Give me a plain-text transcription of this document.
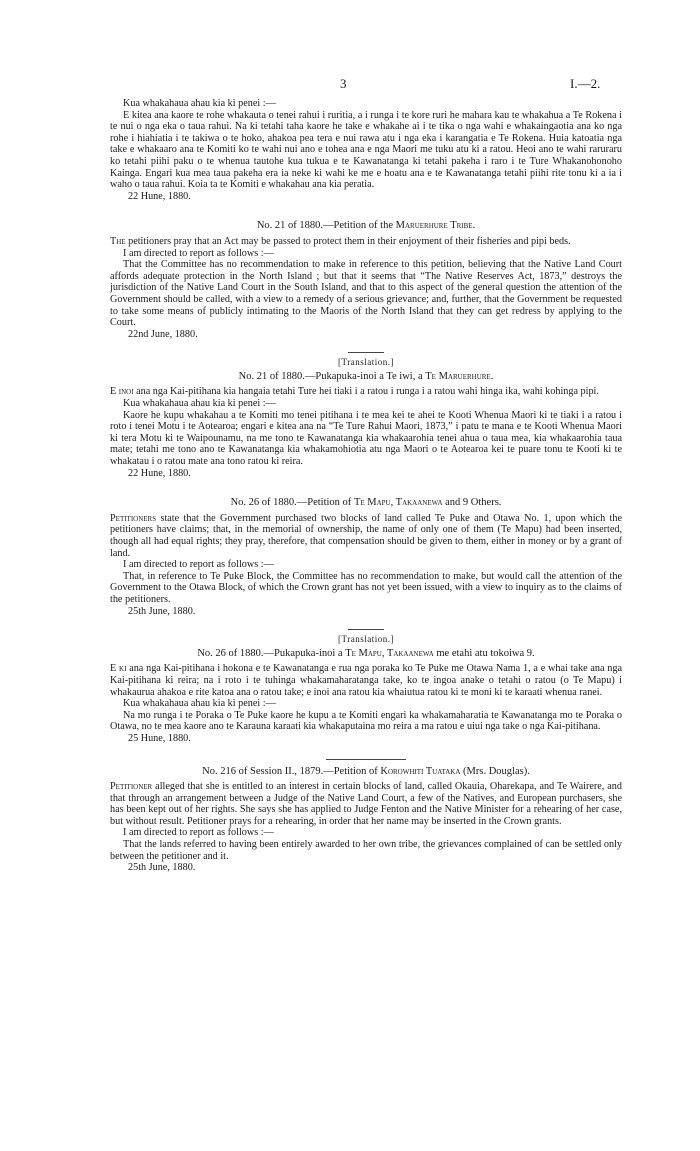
3	I.—2.

Kua whakahaua ahau kia ki penei :—

E kitea ana kaore te rohe whakauta o tenei rahui i ruritia, a i runga i te kore ruri he mahara kau te whakahua a Te Rokena i te nui o nga eka o taua rahui. Na ki tetahi taha kaore he take e whakahe ai i te tika o nga wahi e whakaingaotia ana ko nga rohe i hiahiatia i te takiwa o te hoko, ahakoa pea tera e nui rawa atu i nga eka i karangatia e Te Rokena. Huia katoatia nga take e whakaaro ana te Komiti ko te wahi nui ano e tohea ana e nga Maori me tuku atu ki a ratou. Heoi ano te wahi raruraru ko tetahi piihi paku o te whenua tautohe kua tukua e te Kawanatanga ki tetahi pakeha i raro i te Ture Whakanohonoho Kainga. Engari kua mea taua pakeha era ia neke ki wahi ke me e hoatu ana e te Kawanatanga tetahi piihi rite tonu ki a ia i waho o taua rahui. Koia ta te Komiti e whakahau ana kia peratia.

22 Hune, 1880.

No. 21 of 1880.—Petition of the Maruerhure Tribe.

The petitioners pray that an Act may be passed to protect them in their enjoyment of their fisheries and pipi beds.

I am directed to report as follows :—

That the Committee has no recommendation to make in reference to this petition, believing that the Native Land Court affords adequate protection in the North Island ; but that it seems that “The Native Reserves Act, 1873,” destroys the jurisdiction of the Native Land Court in the South Island, and that to this aspect of the general question the attention of the Government should be called, with a view to a remedy of a serious grievance; and, further, that the Government be requested to take some means of publicly intimating to the Maoris of the North Island that they can get redress by applying to the Court.

22nd June, 1880.

[Translation.]
No. 21 of 1880.—Pukapuka-inoi a Te iwi, a Te Maruerhure.

E inoi ana nga Kai-pitihana kia hangaia tetahi Ture hei tiaki i a ratou i runga i a ratou wahi hinga ika, wahi kohinga pipi.

Kua whakahaua ahau kia ki penei :—

Kaore he kupu whakahau a te Komiti mo tenei pitihana i te mea kei te ahei te Kooti Whenua Maori ki te tiaki i a ratou i roto i tenei Motu i te Aotearoa; engari e kitea ana na “Te Ture Rahui Maori, 1873,” i patu te mana e te Kooti Whenua Maori ki tera Motu ki te Waipounamu, na me tono te Kawanatanga kia whakaarohia tenei ahua o taua mea, kia whakaarohia taua mate; tetahi me tono ano te Kawanatanga kia whakamohiotia atu nga Maori o te Aotearoa kei te puare tonu te Kooti ki te whakatau i o ratou mate ana tono ratou ki reira.

22 Hune, 1880.

No. 26 of 1880.—Petition of Te Mapu, Takaanewa and 9 Others.

Petitioners state that the Government purchased two blocks of land called Te Puke and Otawa No. 1, upon which the petitioners have claims; that, in the memorial of ownership, the name of only one of them (Te Mapu) had been inserted, though all had equal rights; they pray, therefore, that compensation should be given to them, either in money or by a grant of land.

I am directed to report as follows :—

That, in reference to Te Puke Block, the Committee has no recommendation to make, but would call the attention of the Government to the Otawa Block, of which the Crown grant has not yet been issued, with a view to inquiry as to the claims of the petitioners.

25th June, 1880.

[Translation.]
No. 26 of 1880.—Pukapuka-inoi a Te Mapu, Takaanewa me etahi atu tokoiwa 9.

E ki ana nga Kai-pitihana i hokona e te Kawanatanga e rua nga poraka ko Te Puke me Otawa Nama 1, a e whai take ana nga Kai-pitihana ki reira; na i roto i te tuhinga whakamaharatanga take, ko te ingoa anake o tetahi o ratou (o Te Mapu) i whakauruа ahakoa e rite katoa ana o ratou take; e inoi ana ratou kia whaiutua ratou ki te moni ki te karaati whenua ranei.

Kua whakahaua ahau kia ki penei :—

Na mo runga i te Poraka o Te Puke kaore he kupu a te Komiti engari ka whakamaharatia te Kawanatanga mo te Poraka o Otawa, no te mea kaore ano te Karauna karaati kia whakaputaina mo reira a ma ratou e uiui nga take o nga Kai-pitihana.

25 Hune, 1880.

No. 216 of Session II., 1879.—Petition of Korowhiti Tuataka (Mrs. Douglas).

Petitioner alleged that she is entitled to an interest in certain blocks of land, called Okauia, Oharekapa, and Te Wairere, and that through an arrangement between a Judge of the Native Land Court, a few of the Natives, and European purchasers, she has been kept out of her rights. She says she has applied to Judge Fenton and the Native Minister for a rehearing of her case, but without result. Petitioner prays for a rehearing, in order that her name may be inserted in the Crown grants.

I am directed to report as follows :—

That the lands referred to having been entirely awarded to her own tribe, the grievances complained of can be settled only between the petitioner and it.

25th June, 1880.
